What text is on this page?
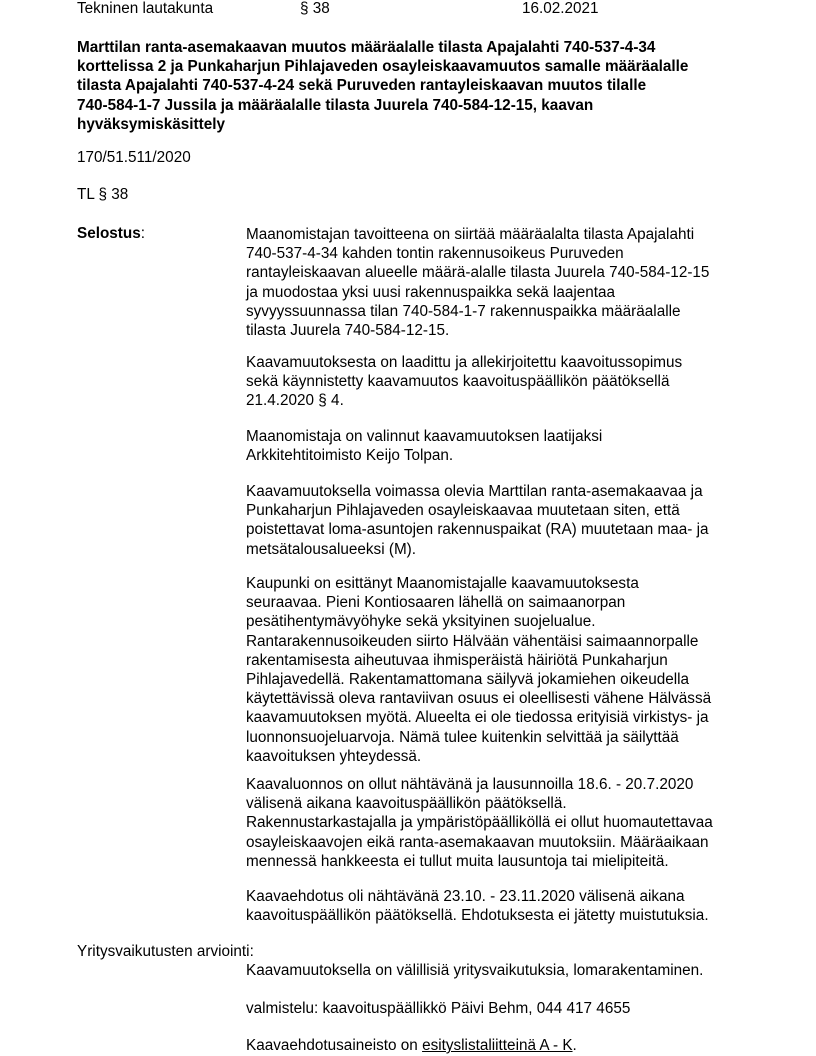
Tekninen lautakunta	§ 38	16.02.2021
Marttilan ranta-asemakaavan muutos määräalalle tilasta Apajalahti 740-537-4-34
korttelissa 2 ja Punkaharjun Pihlajaveden osayleiskaavamuutos samalle määräalalle
tilasta Apajalahti 740-537-4-24 sekä Puruveden rantayleiskaavan muutos tilalle
740-584-1-7 Jussila ja määräalalle tilasta Juurela 740-584-12-15, kaavan
hyväksymiskäsittely
170/51.511/2020
TL § 38
Selostus:	Maanomistajan tavoitteena on siirtää määräalalta tilasta Apajalahti
740-537-4-34 kahden tontin rakennusoikeus Puruveden
rantayleiskaavan alueelle määrä-alalle tilasta Juurela 740-584-12-15
ja muodostaa yksi uusi rakennuspaikka sekä laajentaa
syvyyssuunnassa tilan 740-584-1-7 rakennuspaikka määräalalle
tilasta Juurela 740-584-12-15.
Kaavamuutoksesta on laadittu ja allekirjoitettu kaavoitussopimus
sekä käynnistetty kaavamuutos kaavoituspäällikön päätöksellä
21.4.2020 § 4.
Maanomistaja on valinnut kaavamuutoksen laatijaksi
Arkkitehtitoimisto Keijo Tolpan.
Kaavamuutoksella voimassa olevia Marttilan ranta-asemakaavaa ja
Punkaharjun Pihlajaveden osayleiskaavaa muutetaan siten, että
poistettavat loma-asuntojen rakennuspaikat (RA) muutetaan maa- ja
metsätalousalueeksi (M).
Kaupunki on esittänyt Maanomistajalle kaavamuutoksesta
seuraavaa. Pieni Kontiosaaren lähellä on saimaanorpan
pesätihentymävyöhyke sekä yksityinen suojelualue.
Rantarakennusoikeuden siirto Hälvään vähentäisi saimaannorpalle
rakentamisesta aiheutuvaa ihmisperäistä häiriötä Punkaharjun
Pihlajavedellä. Rakentamattomana säilyvä jokamiehen oikeudella
käytettävissä oleva rantaviivan osuus ei oleellisesti vähene Hälvässä
kaavamuutoksen myötä. Alueelta ei ole tiedossa erityisiä virkistys- ja
luonnonsuojeluarvoja. Nämä tulee kuitenkin selvittää ja säilyttää
kaavoituksen yhteydessä.
Kaavaluonnos on ollut nähtävänä ja lausunnoilla 18.6. - 20.7.2020
välisenä aikana kaavoituspäällikön päätöksellä.
Rakennustarkastajalla ja ympäristöpäälliköllä ei ollut huomautettavaa
osayleiskaavojen eikä ranta-asemakaavan muutoksiin. Määräaikaan
mennessä hankkeesta ei tullut muita lausuntoja tai mielipiteitä.
Kaavaehdotus oli nähtävänä 23.10. - 23.11.2020 välisenä aikana
kaavoituspäällikön päätöksellä. Ehdotuksesta ei jätetty muistutuksia.
Yritysvaikutusten arviointi:
Kaavamuutoksella on välillisiä yritysvaikutuksia, lomarakentaminen.
valmistelu: kaavoituspäällikkö Päivi Behm, 044 417 4655
Kaavaehdotusaineisto on esityslistaliitteinä A - K.
